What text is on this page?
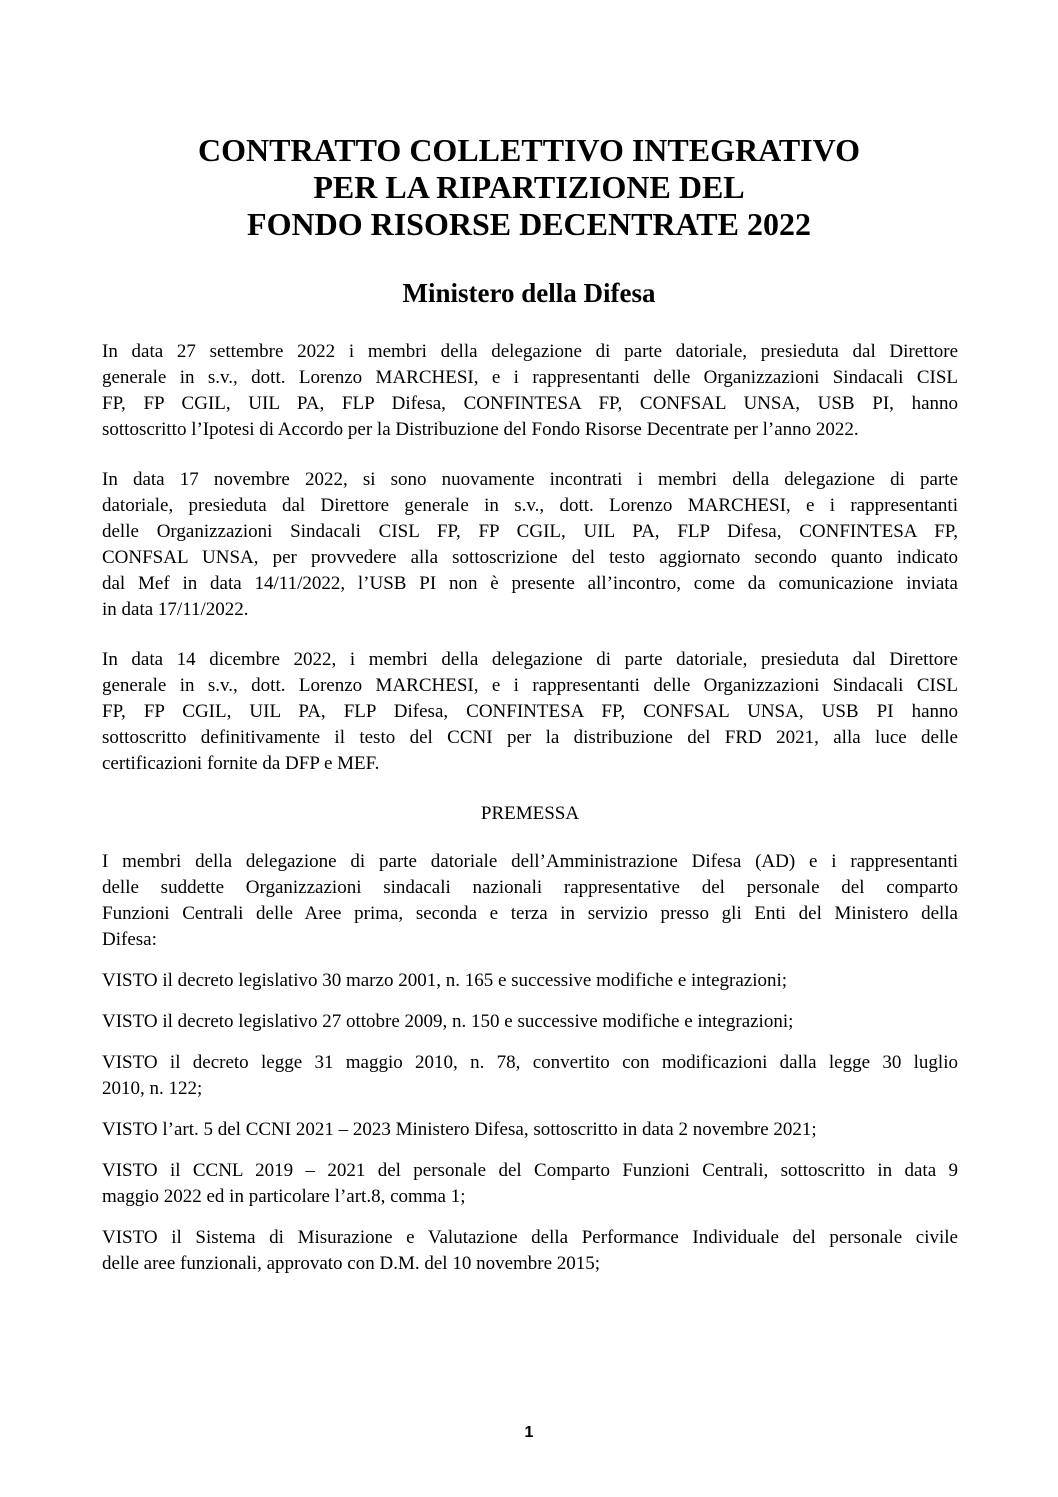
CONTRATTO COLLETTIVO INTEGRATIVO

PER LA RIPARTIZIONE DEL

FONDO RISORSE DECENTRATE 2022

Ministero della Difesa

In data 27 settembre 2022 i membri della delegazione di parte datoriale, presieduta dal Direttore
generale in s.v., dott. Lorenzo MARCHESI, e i rappresentanti delle Organizzazioni Sindacali CISL
FP, FP CGIL, UIL PA, FLP Difesa, CONFINTESA FP, CONFSAL UNSA, USB PI, hanno
sottoscritto l’Ipotesi di Accordo per la Distribuzione del Fondo Risorse Decentrate per l’anno 2022.

In data 17 novembre 2022, si sono nuovamente incontrati i membri della delegazione di parte
datoriale, presieduta dal Direttore generale in s.v., dott. Lorenzo MARCHESI, e i rappresentanti
delle Organizzazioni Sindacali CISL FP, FP CGIL, UIL PA, FLP Difesa, CONFINTESA FP,
CONFSAL UNSA, per provvedere alla sottoscrizione del testo aggiornato secondo quanto indicato
dal Mef in data 14/11/2022, l’USB PI non è presente all’incontro, come da comunicazione inviata
in data 17/11/2022.

In data 14 dicembre 2022, i membri della delegazione di parte datoriale, presieduta dal Direttore
generale in s.v., dott. Lorenzo MARCHESI, e i rappresentanti delle Organizzazioni Sindacali CISL
FP, FP CGIL, UIL PA, FLP Difesa, CONFINTESA FP, CONFSAL UNSA, USB PI hanno
sottoscritto definitivamente il testo del CCNI per la distribuzione del FRD 2021, alla luce delle
certificazioni fornite da DFP e MEF.

PREMESSA

I membri della delegazione di parte datoriale dell’Amministrazione Difesa (AD) e i rappresentanti
delle suddette Organizzazioni sindacali nazionali rappresentative del personale del comparto
Funzioni Centrali delle Aree prima, seconda e terza in servizio presso gli Enti del Ministero della
Difesa:

VISTO il decreto legislativo 30 marzo 2001, n. 165 e successive modifiche e integrazioni;

VISTO il decreto legislativo 27 ottobre 2009, n. 150 e successive modifiche e integrazioni;

VISTO il decreto legge 31 maggio 2010, n. 78, convertito con modificazioni dalla legge 30 luglio
2010, n. 122;

VISTO l’art. 5 del CCNI 2021 – 2023 Ministero Difesa, sottoscritto in data 2 novembre 2021;

VISTO il CCNL 2019 – 2021 del personale del Comparto Funzioni Centrali, sottoscritto in data 9
maggio 2022 ed in particolare l’art.8, comma 1;

VISTO il Sistema di Misurazione e Valutazione della Performance Individuale del personale civile
delle aree funzionali, approvato con D.M. del 10 novembre 2015;

1
